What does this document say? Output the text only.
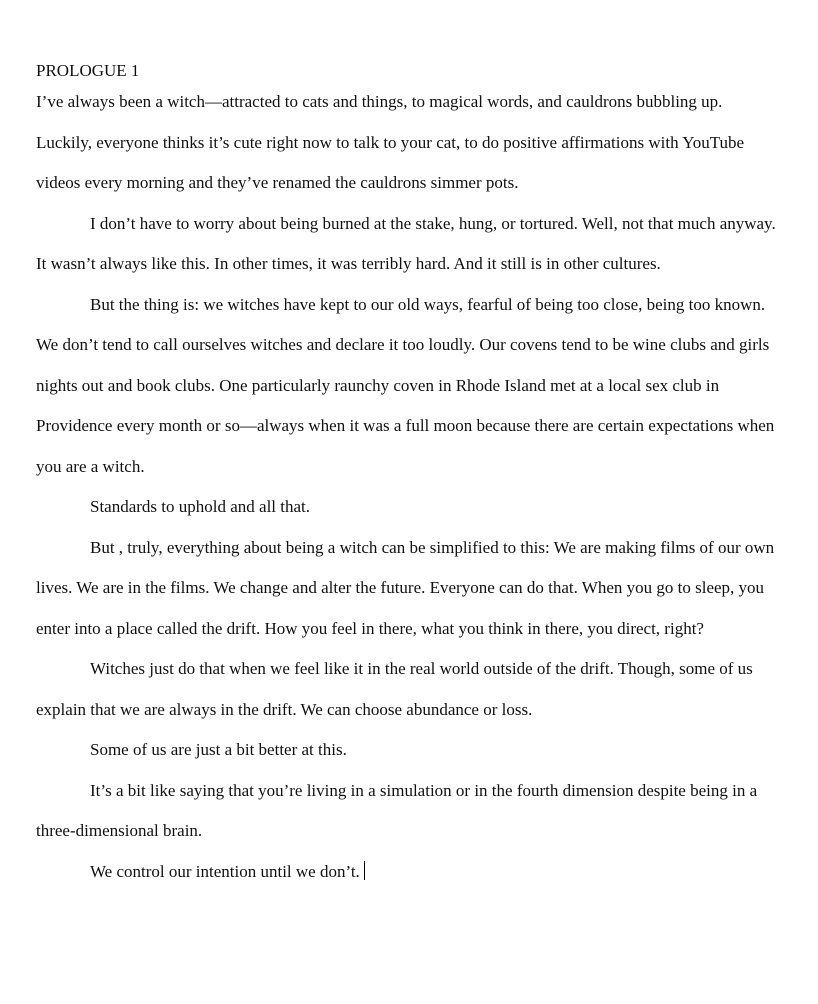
PROLOGUE 1

I’ve always been a witch—attracted to cats and things, to magical words, and cauldrons bubbling up. Luckily, everyone thinks it’s cute right now to talk to your cat, to do positive affirmations with YouTube videos every morning and they’ve renamed the cauldrons simmer pots.

I don’t have to worry about being burned at the stake, hung, or tortured. Well, not that much anyway. It wasn’t always like this. In other times, it was terribly hard. And it still is in other cultures.

But the thing is: we witches have kept to our old ways, fearful of being too close, being too known. We don’t tend to call ourselves witches and declare it too loudly. Our covens tend to be wine clubs and girls nights out and book clubs. One particularly raunchy coven in Rhode Island met at a local sex club in Providence every month or so—always when it was a full moon because there are certain expectations when you are a witch.

Standards to uphold and all that.

But , truly, everything about being a witch can be simplified to this: We are making films of our own lives. We are in the films. We change and alter the future. Everyone can do that. When you go to sleep, you enter into a place called the drift. How you feel in there, what you think in there, you direct, right?

Witches just do that when we feel like it in the real world outside of the drift. Though, some of us explain that we are always in the drift. We can choose abundance or loss.

Some of us are just a bit better at this.

It’s a bit like saying that you’re living in a simulation or in the fourth dimension despite being in a three-dimensional brain.

We control our intention until we don’t.
